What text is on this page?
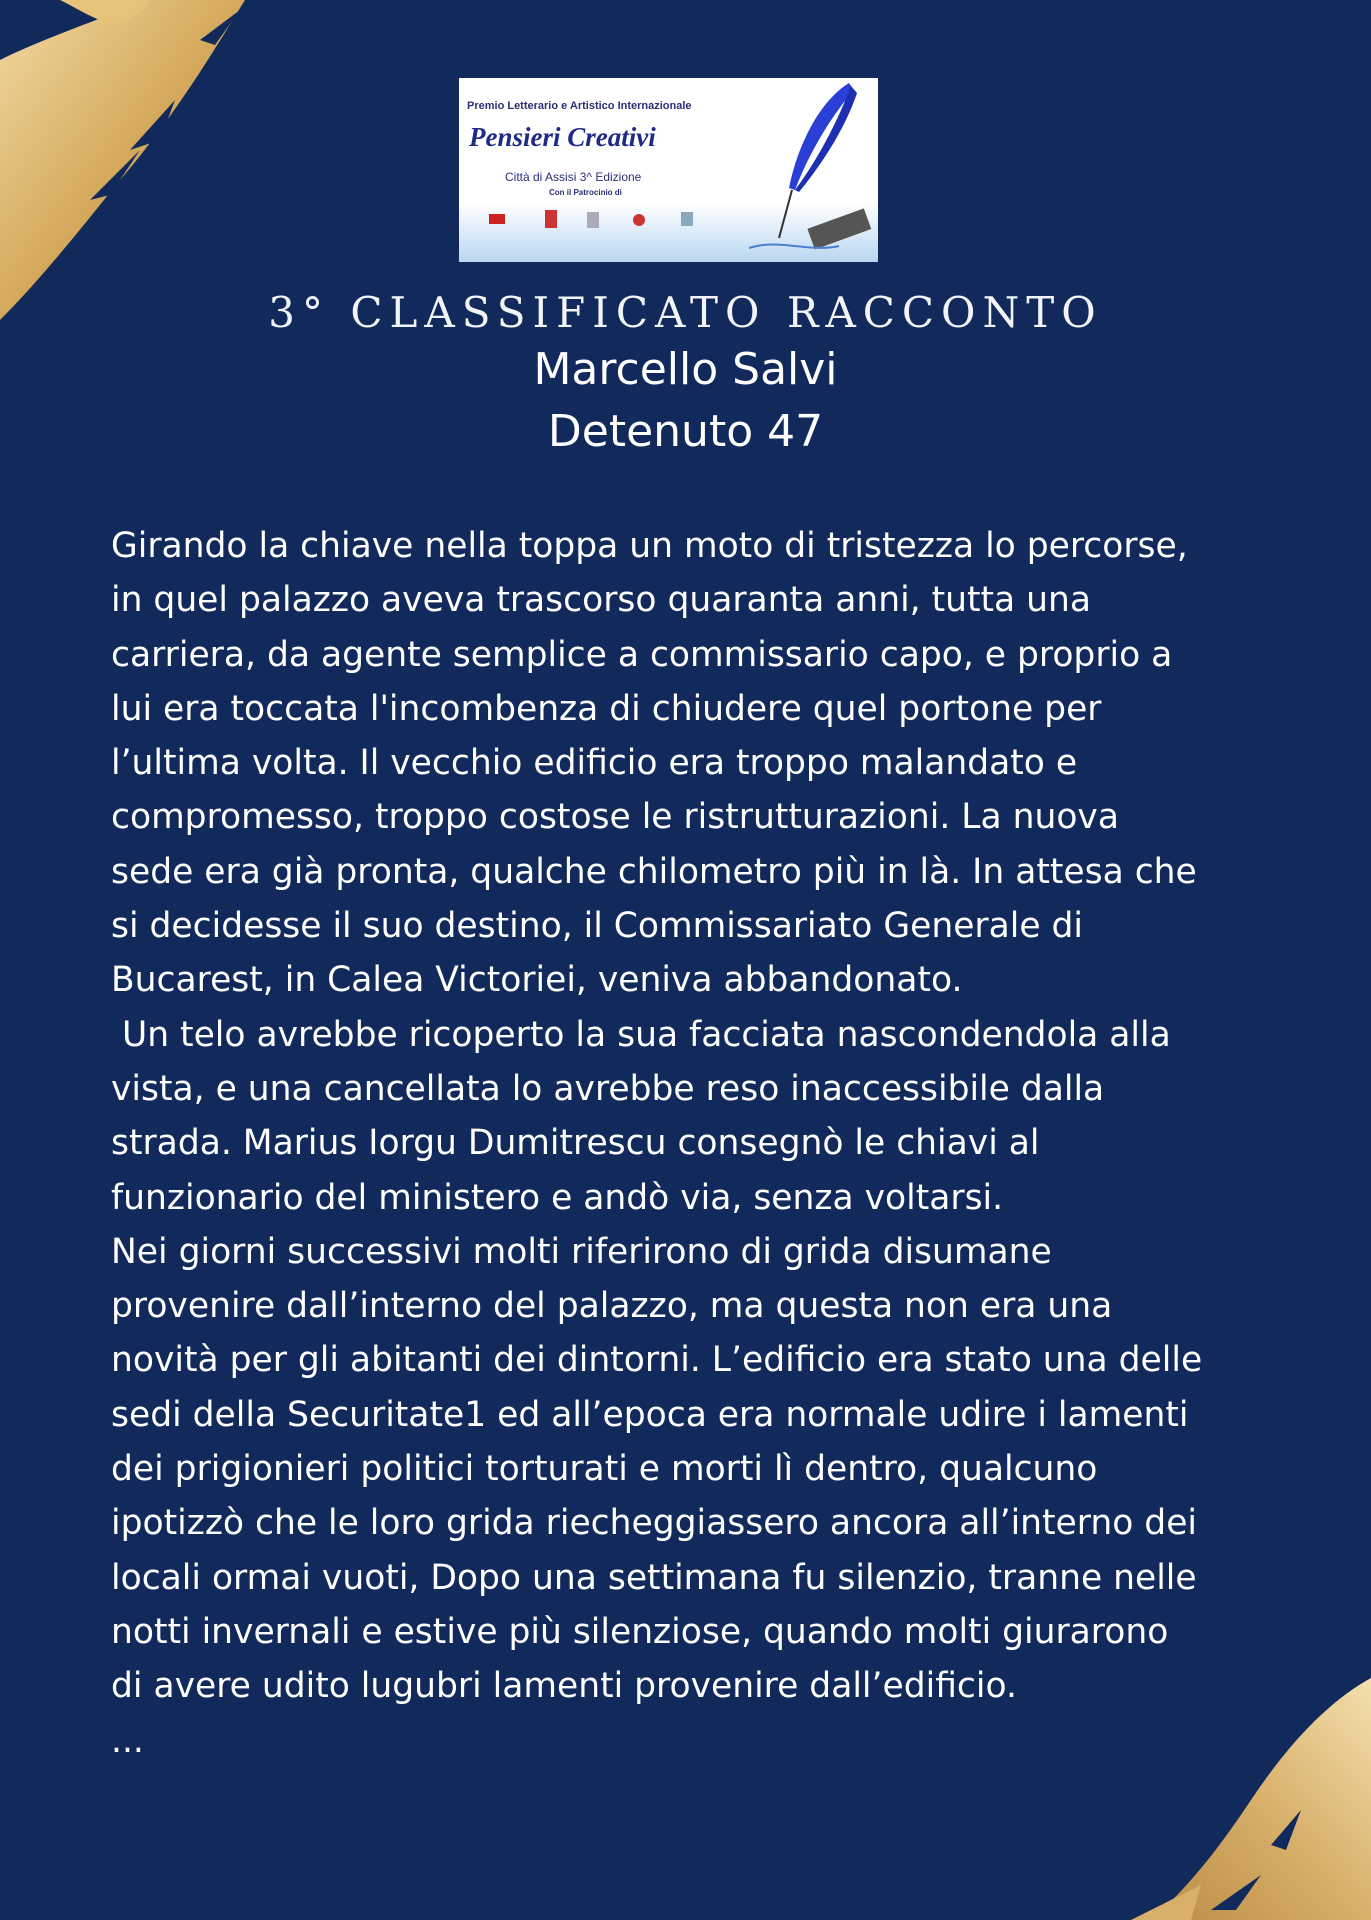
Premio Letterario e Artistico Internazionale
Pensieri Creativi
Città di Assisi 3^ Edizione
Con il Patrocinio di
3° CLASSIFICATO RACCONTO
Marcello Salvi
Detenuto 47

Girando la chiave nella toppa un moto di tristezza lo percorse,

in quel palazzo aveva trascorso quaranta anni, tutta una

carriera, da agente semplice a commissario capo, e proprio a

lui era toccata l'incombenza di chiudere quel portone per

l’ultima volta. Il vecchio edificio era troppo malandato e

compromesso, troppo costose le ristrutturazioni. La nuova

sede era già pronta, qualche chilometro più in là. In attesa che

si decidesse il suo destino, il Commissariato Generale di

Bucarest, in Calea Victoriei, veniva abbandonato.

Un telo avrebbe ricoperto la sua facciata nascondendola alla

vista, e una cancellata lo avrebbe reso inaccessibile dalla

strada. Marius Iorgu Dumitrescu consegnò le chiavi al

funzionario del ministero e andò via, senza voltarsi.

Nei giorni successivi molti riferirono di grida disumane

provenire dall’interno del palazzo, ma questa non era una

novità per gli abitanti dei dintorni. L’edificio era stato una delle

sedi della Securitate1 ed all’epoca era normale udire i lamenti

dei prigionieri politici torturati e morti lì dentro, qualcuno

ipotizzò che le loro grida riecheggiassero ancora all’interno dei

locali ormai vuoti, Dopo una settimana fu silenzio, tranne nelle

notti invernali e estive più silenziose, quando molti giurarono

di avere udito lugubri lamenti provenire dall’edificio.

...
